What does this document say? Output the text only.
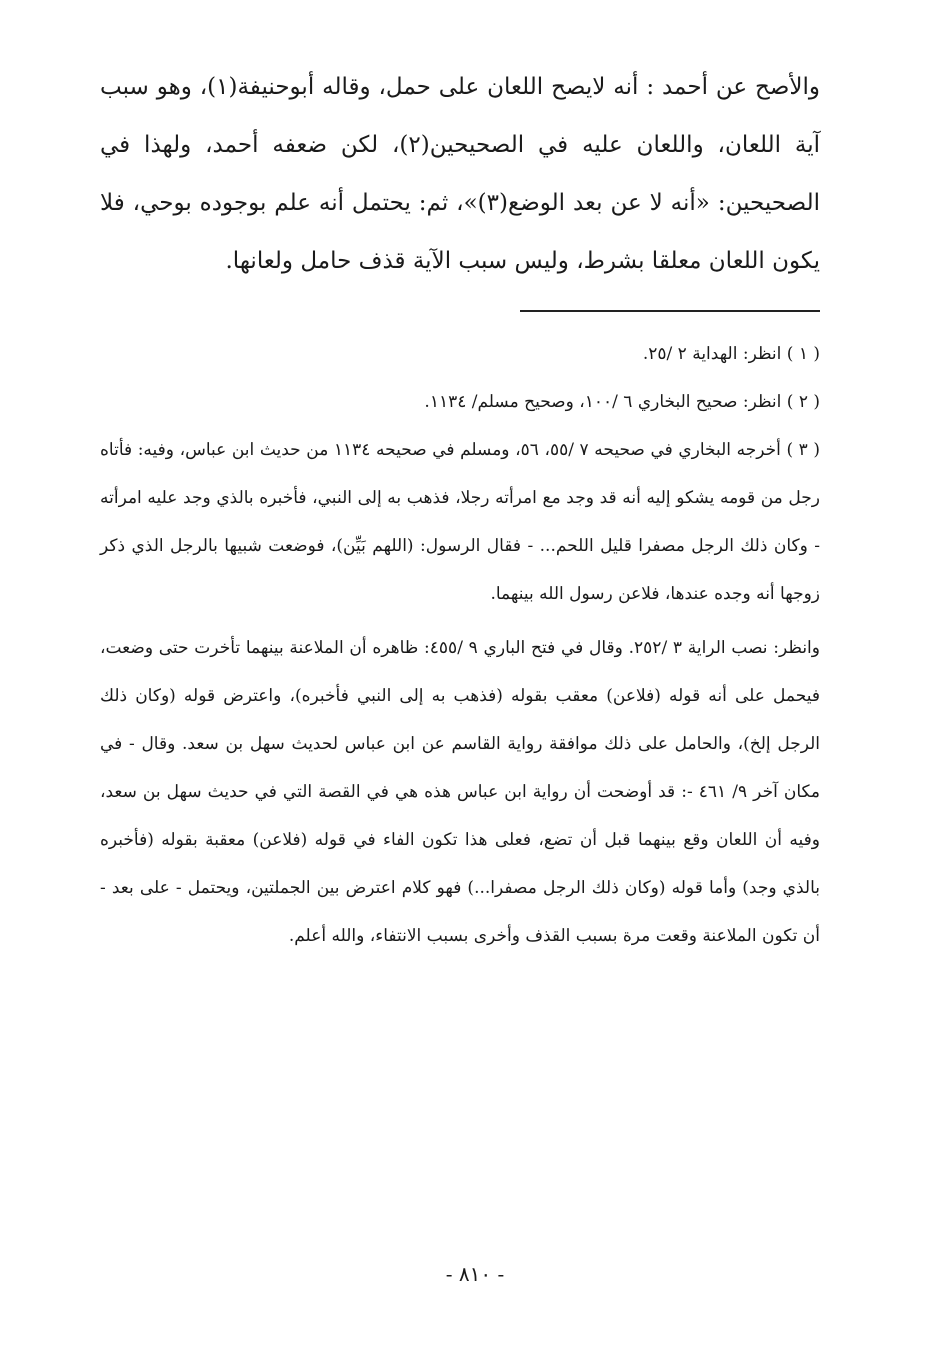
والأصح عن أحمد : أنه لايصح اللعان على حمل، وقاله أبوحنيفة(١)، وهو سبب آية اللعان، واللعان عليه في الصحيحين(٢)، لكن ضعفه أحمد، ولهذا في الصحيحين: «أنه لا عن بعد الوضع(٣)»، ثم: يحتمل أنه علم بوجوده بوحي، فلا يكون اللعان معلقا بشرط، وليس سبب الآية قذف حامل ولعانها.

( ١ ) انظر: الهداية ٢ /٢٥.

( ٢ ) انظر: صحيح البخاري ٦ /١٠٠، وصحيح مسلم/ ١١٣٤.

( ٣ ) أخرجه البخاري في صحيحه ٧ /٥٥، ٥٦، ومسلم في صحيحه ١١٣٤ من حديث ابن عباس، وفيه: فأتاه رجل من قومه يشكو إليه أنه قد وجد مع امرأته رجلا، فذهب به إلى النبي، فأخبره بالذي وجد عليه امرأته - وكان ذلك الرجل مصفرا قليل اللحم... - فقال الرسول: (اللهم بَيِّن)، فوضعت شبيها بالرجل الذي ذكر زوجها أنه وجده عندها، فلاعن رسول الله بينهما.

وانظر: نصب الراية ٣ /٢٥٢. وقال في فتح الباري ٩ /٤٥٥: ظاهره أن الملاعنة بينهما تأخرت حتى وضعت، فيحمل على أنه قوله (فلاعن) معقب بقوله (فذهب به إلى النبي فأخبره)، واعترض قوله (وكان ذلك الرجل إلخ)، والحامل على ذلك موافقة رواية القاسم عن ابن عباس لحديث سهل بن سعد. وقال - في مكان آخر ٩/ ٤٦١ -: قد أوضحت أن رواية ابن عباس هذه هي في القصة التي في حديث سهل بن سعد، وفيه أن اللعان وقع بينهما قبل أن تضع، فعلى هذا تكون الفاء في قوله (فلاعن) معقبة بقوله (فأخبره بالذي وجد) وأما قوله (وكان ذلك الرجل مصفرا...) فهو كلام اعترض بين الجملتين، ويحتمل - على بعد - أن تكون الملاعنة وقعت مرة بسبب القذف وأخرى بسبب الانتفاء، والله أعلم.

- ٨١٠ -
